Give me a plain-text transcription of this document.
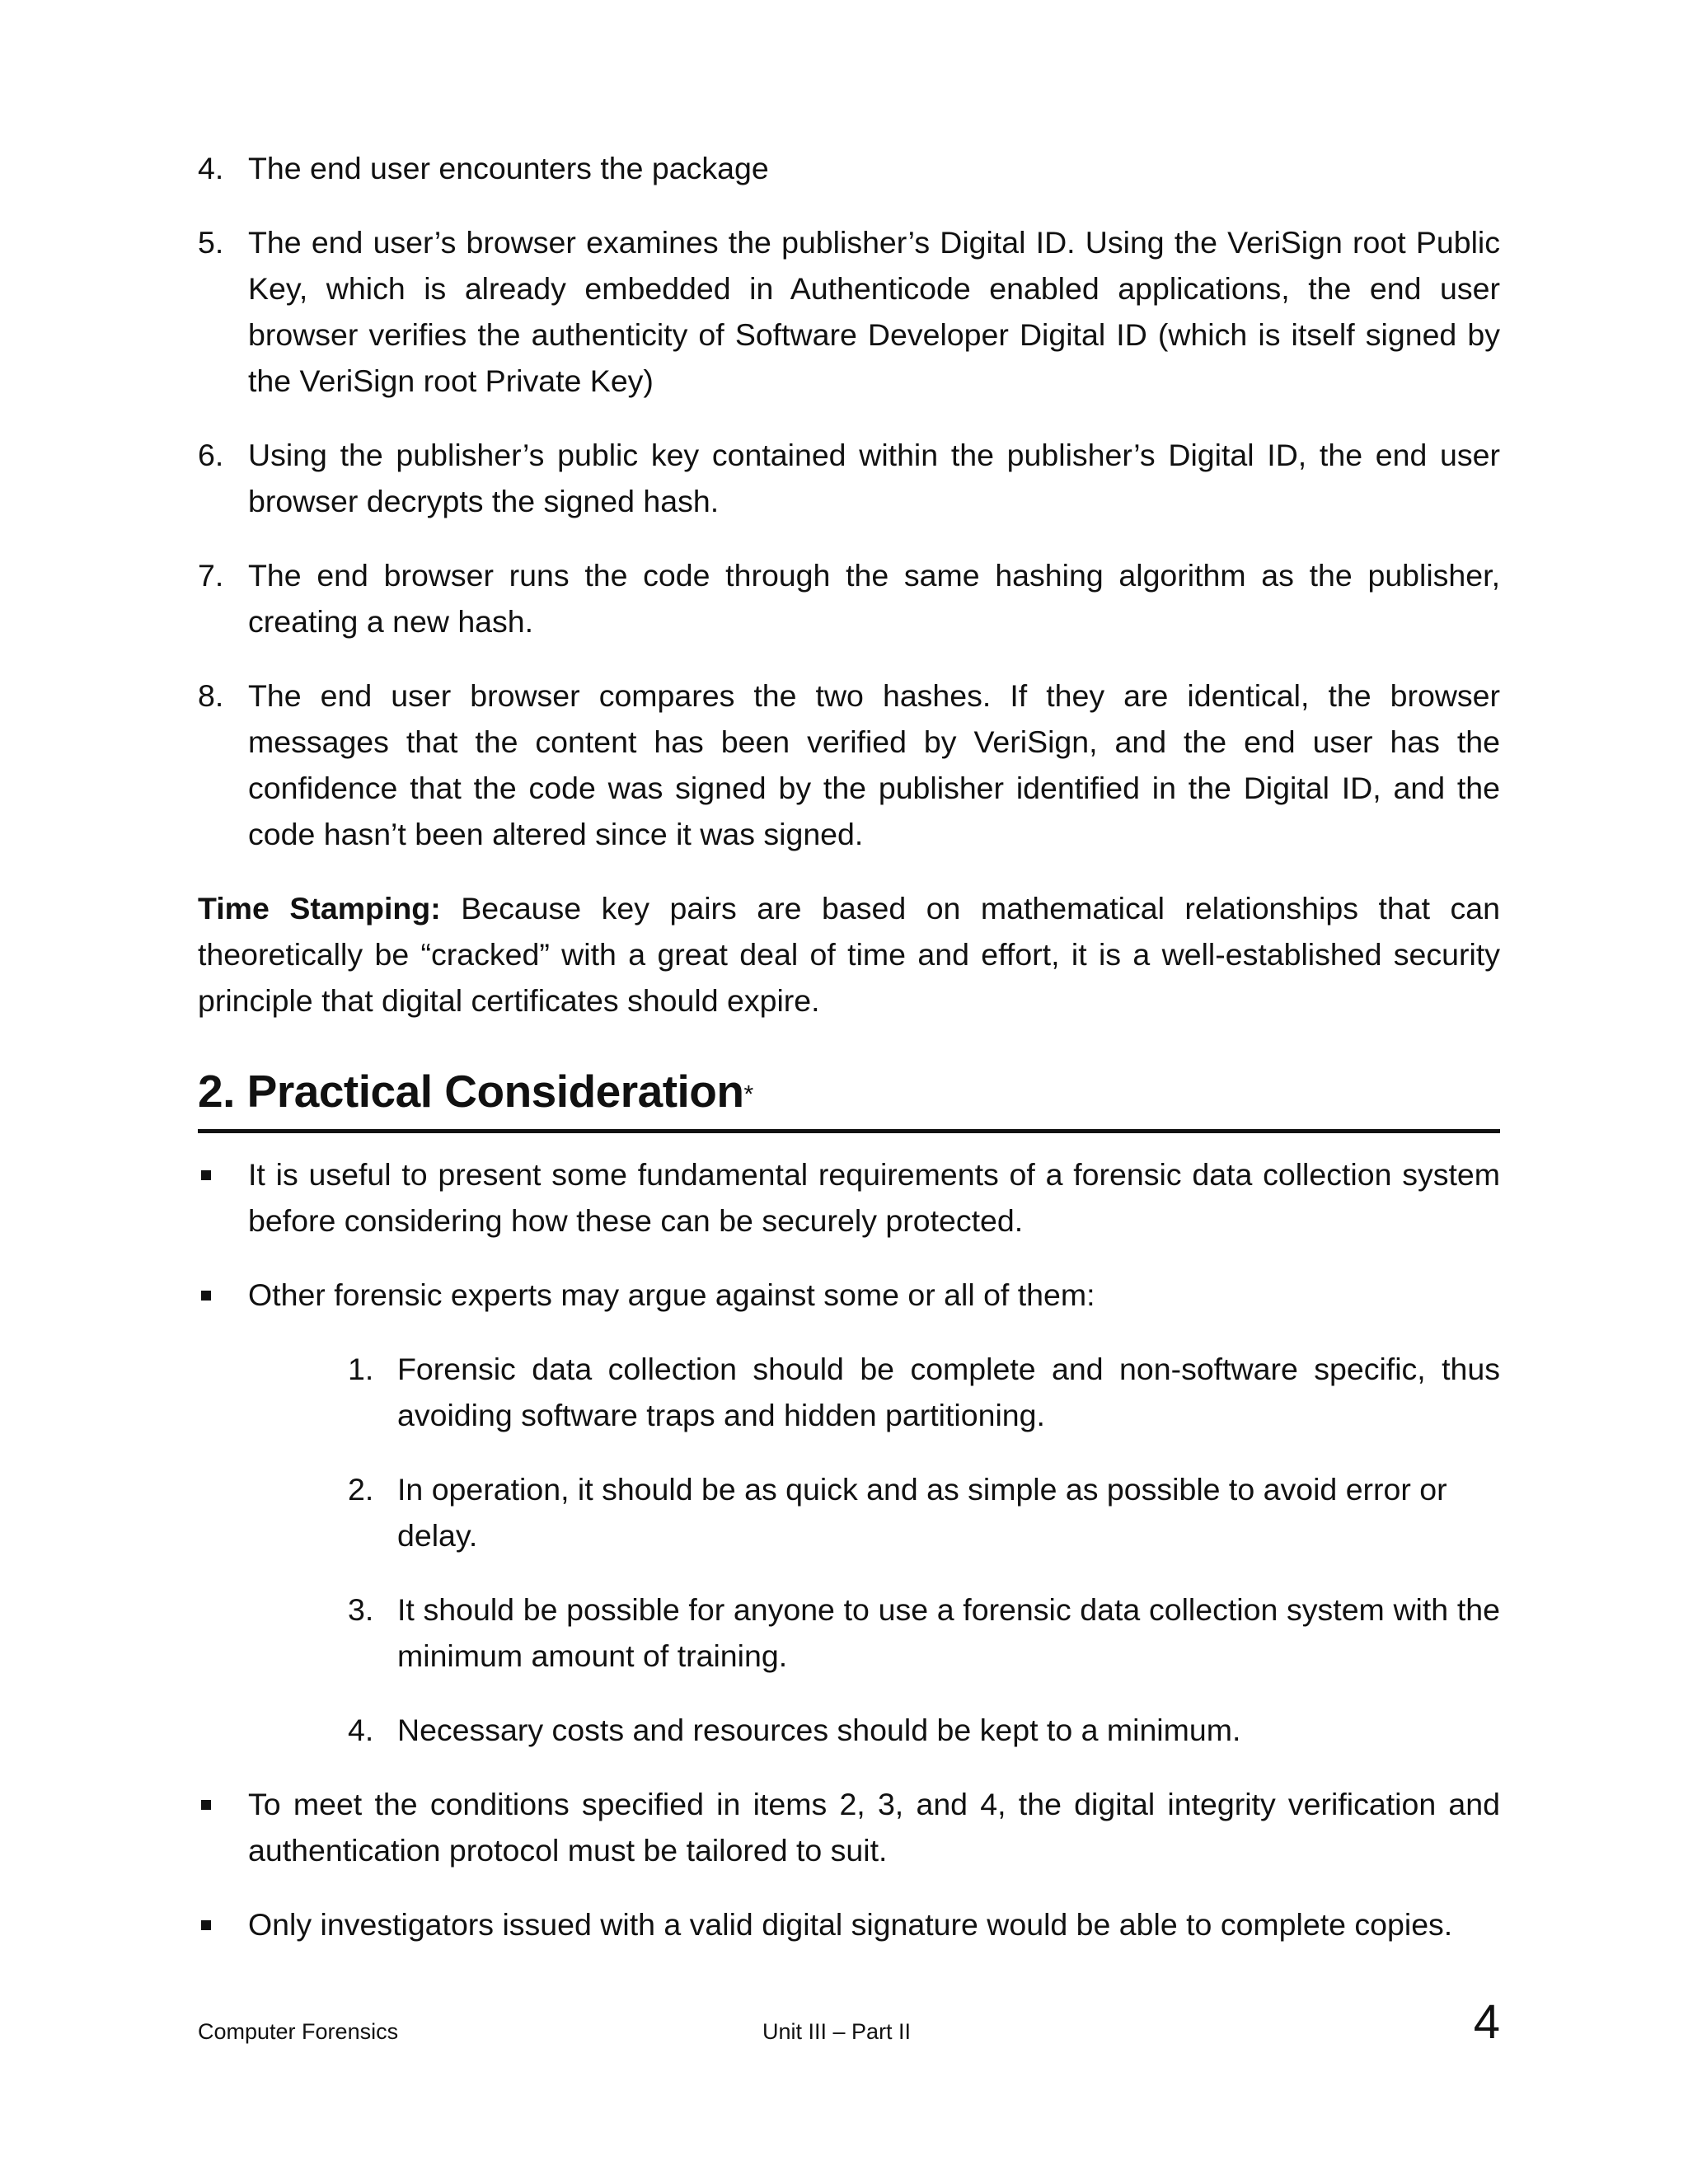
4. The end user encounters the package

5. The end user’s browser examines the publisher’s Digital ID. Using the VeriSign root Public Key, which is already embedded in Authenticode enabled applications, the end user browser verifies the authenticity of Software Developer Digital ID (which is itself signed by the VeriSign root Private Key)

6. Using the publisher’s public key contained within the publisher’s Digital ID, the end user browser decrypts the signed hash.

7. The end browser runs the code through the same hashing algorithm as the publisher, creating a new hash.

8. The end user browser compares the two hashes. If they are identical, the browser messages that the content has been verified by VeriSign, and the end user has the confidence that the code was signed by the publisher identified in the Digital ID, and the code hasn’t been altered since it was signed.

Time Stamping: Because key pairs are based on mathematical relationships that can theoretically be “cracked” with a great deal of time and effort, it is a well-established security principle that digital certificates should expire.

2. Practical Consideration*

It is useful to present some fundamental requirements of a forensic data collection system before considering how these can be securely protected.

Other forensic experts may argue against some or all of them:

1. Forensic data collection should be complete and non-software specific, thus avoiding software traps and hidden partitioning.

2. In operation, it should be as quick and as simple as possible to avoid error or delay.

3. It should be possible for anyone to use a forensic data collection system with the minimum amount of training.

4. Necessary costs and resources should be kept to a minimum.

To meet the conditions specified in items 2, 3, and 4, the digital integrity verification and authentication protocol must be tailored to suit.

Only investigators issued with a valid digital signature would be able to complete copies.

Computer Forensics	Unit III – Part II	4
